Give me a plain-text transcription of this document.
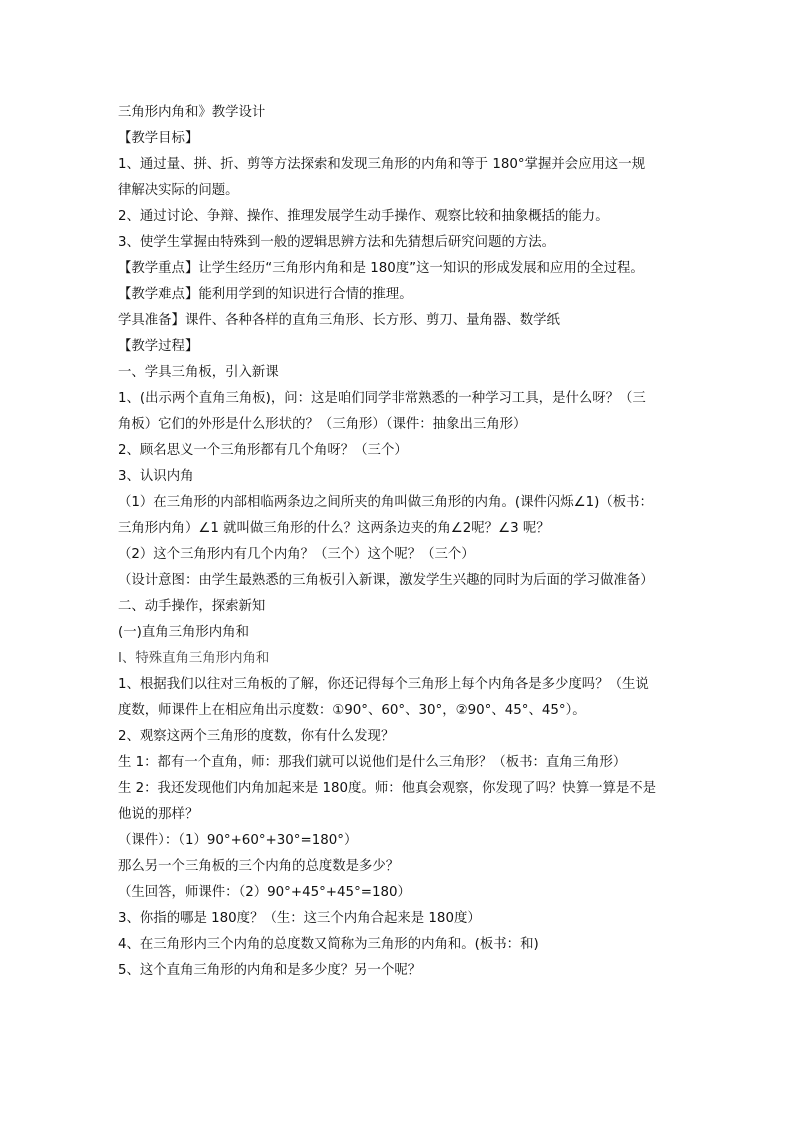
三角形内角和》教学设计
【教学目标】
1、通过量、拼、折、剪等方法探索和发现三角形的内角和等于 180°掌握并会应用这一规
律解决实际的问题。
2、通过讨论、争辩、操作、推理发展学生动手操作、观察比较和抽象概括的能力。
3、使学生掌握由特殊到一般的逻辑思辨方法和先猜想后研究问题的方法。
【教学重点】让学生经历“三角形内角和是 180度”这一知识的形成发展和应用的全过程。
【教学难点】能利用学到的知识进行合情的推理。
学具准备】课件、各种各样的直角三角形、长方形、剪刀、量角器、数学纸
【教学过程】
一、学具三角板，引入新课
1、(出示两个直角三角板)，问：这是咱们同学非常熟悉的一种学习工具，是什么呀？（三
角板）它们的外形是什么形状的？（三角形）（课件：抽象出三角形）
2、顾名思义一个三角形都有几个角呀？（三个）
3、认识内角
（1）在三角形的内部相临两条边之间所夹的角叫做三角形的内角。(课件闪烁∠1)（板书：
三角形内角）∠1 就叫做三角形的什么？这两条边夹的角∠2呢？∠3 呢？
（2）这个三角形内有几个内角？（三个）这个呢？（三个）
（设计意图：由学生最熟悉的三角板引入新课，激发学生兴趣的同时为后面的学习做准备）
二、动手操作，探索新知
(一)直角三角形内角和
Ⅰ、特殊直角三角形内角和
1、根据我们以往对三角板的了解，你还记得每个三角形上每个内角各是多少度吗？（生说
度数，师课件上在相应角出示度数：①90°、60°、30°，②90°、45°、45°）。
2、观察这两个三角形的度数，你有什么发现？
生 1：都有一个直角，师：那我们就可以说他们是什么三角形？（板书：直角三角形）
生 2：我还发现他们内角加起来是 180度。师：他真会观察，你发现了吗？快算一算是不是
他说的那样？
（课件）：（1）90°+60°+30°=180°）
那么另一个三角板的三个内角的总度数是多少？
（生回答，师课件：（2）90°+45°+45°=180）
3、你指的哪是 180度？（生：这三个内角合起来是 180度）
4、在三角形内三个内角的总度数又简称为三角形的内角和。(板书：和)
5、这个直角三角形的内角和是多少度？另一个呢？
